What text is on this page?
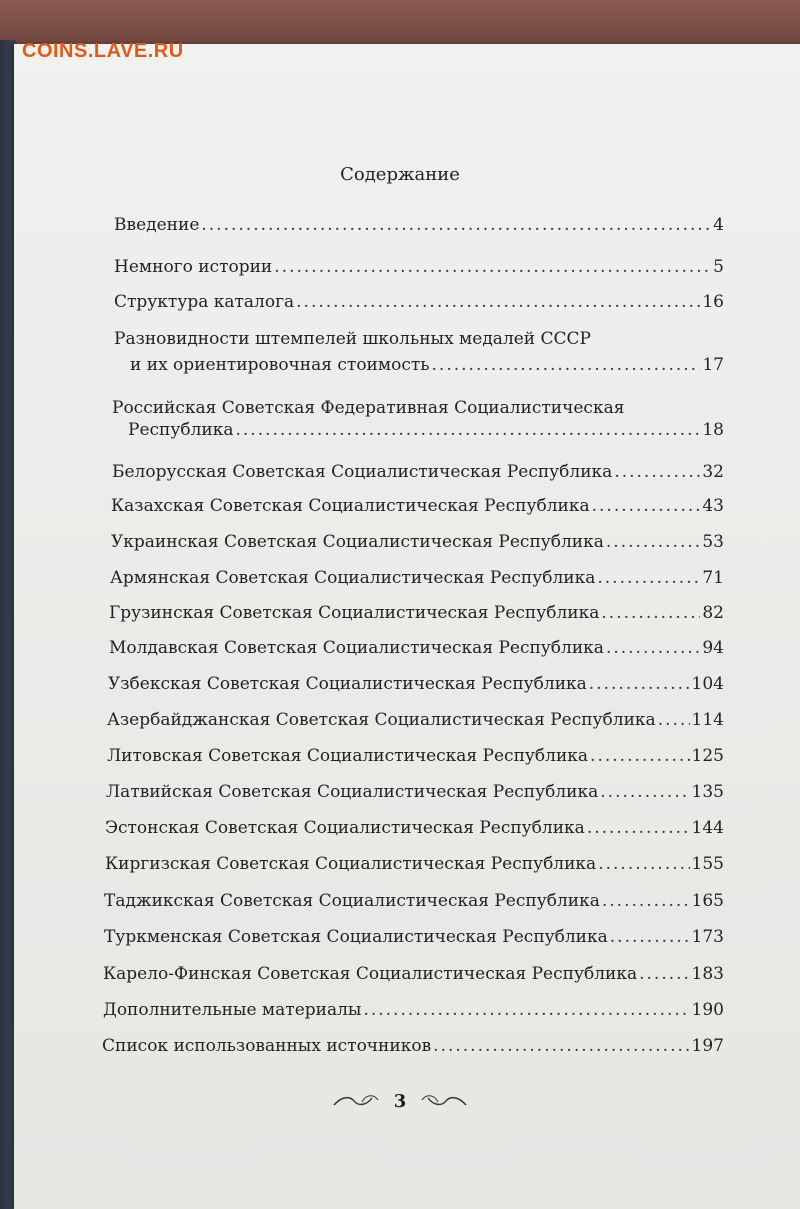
COINS.LAVE.RU
Содержание
Введение .....	4
Немного истории .....	5
Структура каталога .....	16
Разновидности штемпелей школьных медалей СССР
и их ориентировочная стоимость .....	17
Российская Советская Федеративная Социалистическая
Республика .....	18
Белорусская Советская Социалистическая Республика .....	32
Казахская Советская Социалистическая Республика .....	43
Украинская Советская Социалистическая Республика .....	53
Армянская Советская Социалистическая Республика .....	71
Грузинская Советская Социалистическая Республика .....	82
Молдавская Советская Социалистическая Республика .....	94
Узбекская Советская Социалистическая Республика .....	104
Азербайджанская Советская Социалистическая Республика ..... 114
Литовская Советская Социалистическая Республика .....	125
Латвийская Советская Социалистическая Республика .....	135
Эстонская Советская Социалистическая Республика .....	144
Киргизская Советская Социалистическая Республика .....	155
Таджикская Советская Социалистическая Республика .....	165
Туркменская Советская Социалистическая Республика .....	173
Карело-Финская Советская Социалистическая Республика .....	183
Дополнительные материалы .....	190
Список использованных источников .....	197
3
